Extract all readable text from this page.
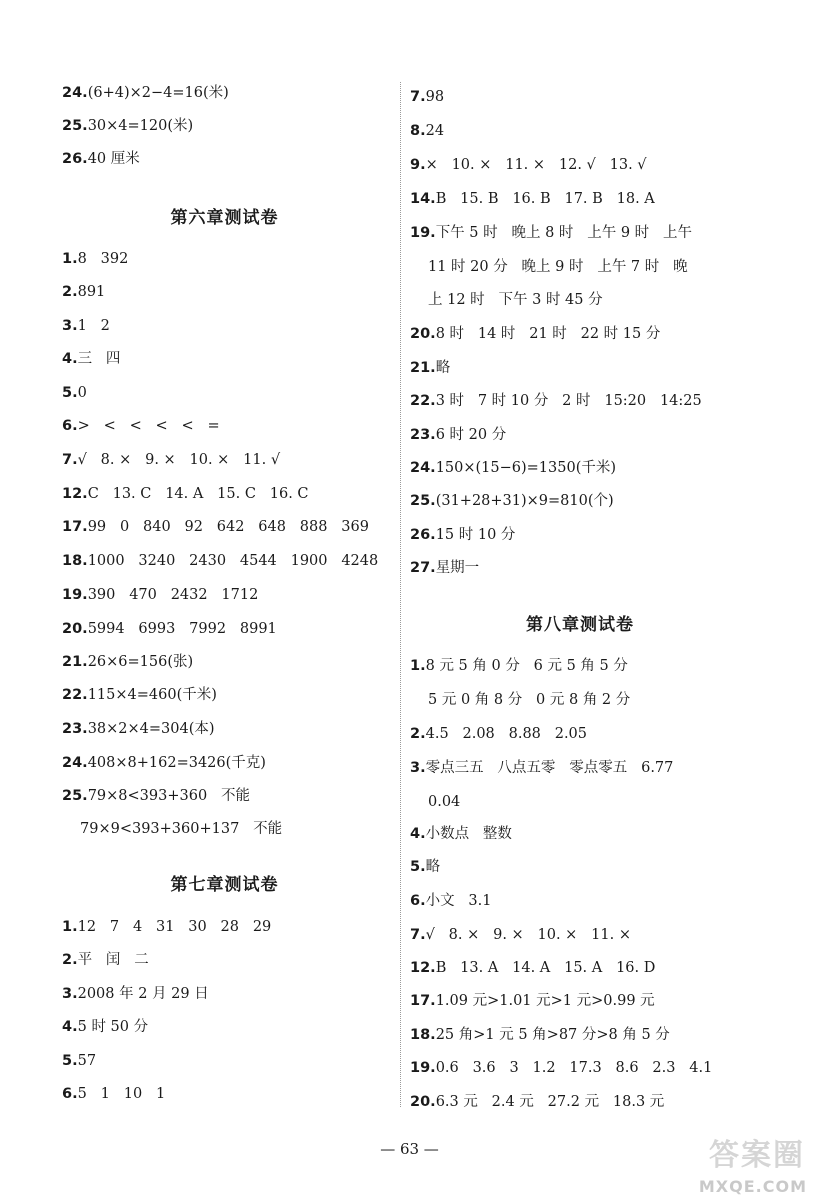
24.(6+4)×2−4=16(米)
25.30×4=120(米)
26.40 厘米
第六章测试卷
1.8   392
2.891
3.1   2
4.三   四
5.0
6.>   <   <   <   <   =
7.√   8. ×   9. ×   10. ×   11. √
12.C   13. C   14. A   15. C   16. C
17.99   0   840   92   642   648   888   369
18.1000   3240   2430   4544   1900   4248
19.390   470   2432   1712
20.5994   6993   7992   8991
21.26×6=156(张)
22.115×4=460(千米)
23.38×2×4=304(本)
24.408×8+162=3426(千克)
25.79×8<393+360   不能
79×9<393+360+137   不能
第七章测试卷
1.12   7   4   31   30   28   29
2.平   闰   二
3.2008 年 2 月 29 日
4.5 时 50 分
5.57
6.5   1   10   1
7.98
8.24
9.×   10. ×   11. ×   12. √   13. √
14.B   15. B   16. B   17. B   18. A
19.下午 5 时   晚上 8 时   上午 9 时   上午
11 时 20 分   晚上 9 时   上午 7 时   晚
上 12 时   下午 3 时 45 分
20.8 时   14 时   21 时   22 时 15 分
21.略
22.3 时   7 时 10 分   2 时   15:20   14:25
23.6 时 20 分
24.150×(15−6)=1350(千米)
25.(31+28+31)×9=810(个)
26.15 时 10 分
27.星期一
第八章测试卷
1.8 元 5 角 0 分   6 元 5 角 5 分
5 元 0 角 8 分   0 元 8 角 2 分
2.4.5   2.08   8.88   2.05
3.零点三五   八点五零   零点零五   6.77
0.04
4.小数点   整数
5.略
6.小文   3.1
7.√   8. ×   9. ×   10. ×   11. ×
12.B   13. A   14. A   15. A   16. D
17.1.09 元>1.01 元>1 元>0.99 元
18.25 角>1 元 5 角>87 分>8 角 5 分
19.0.6   3.6   3   1.2   17.3   8.6   2.3   4.1
20.6.3 元   2.4 元   27.2 元   18.3 元
— 63 —	答案圈
MXQE.COM
